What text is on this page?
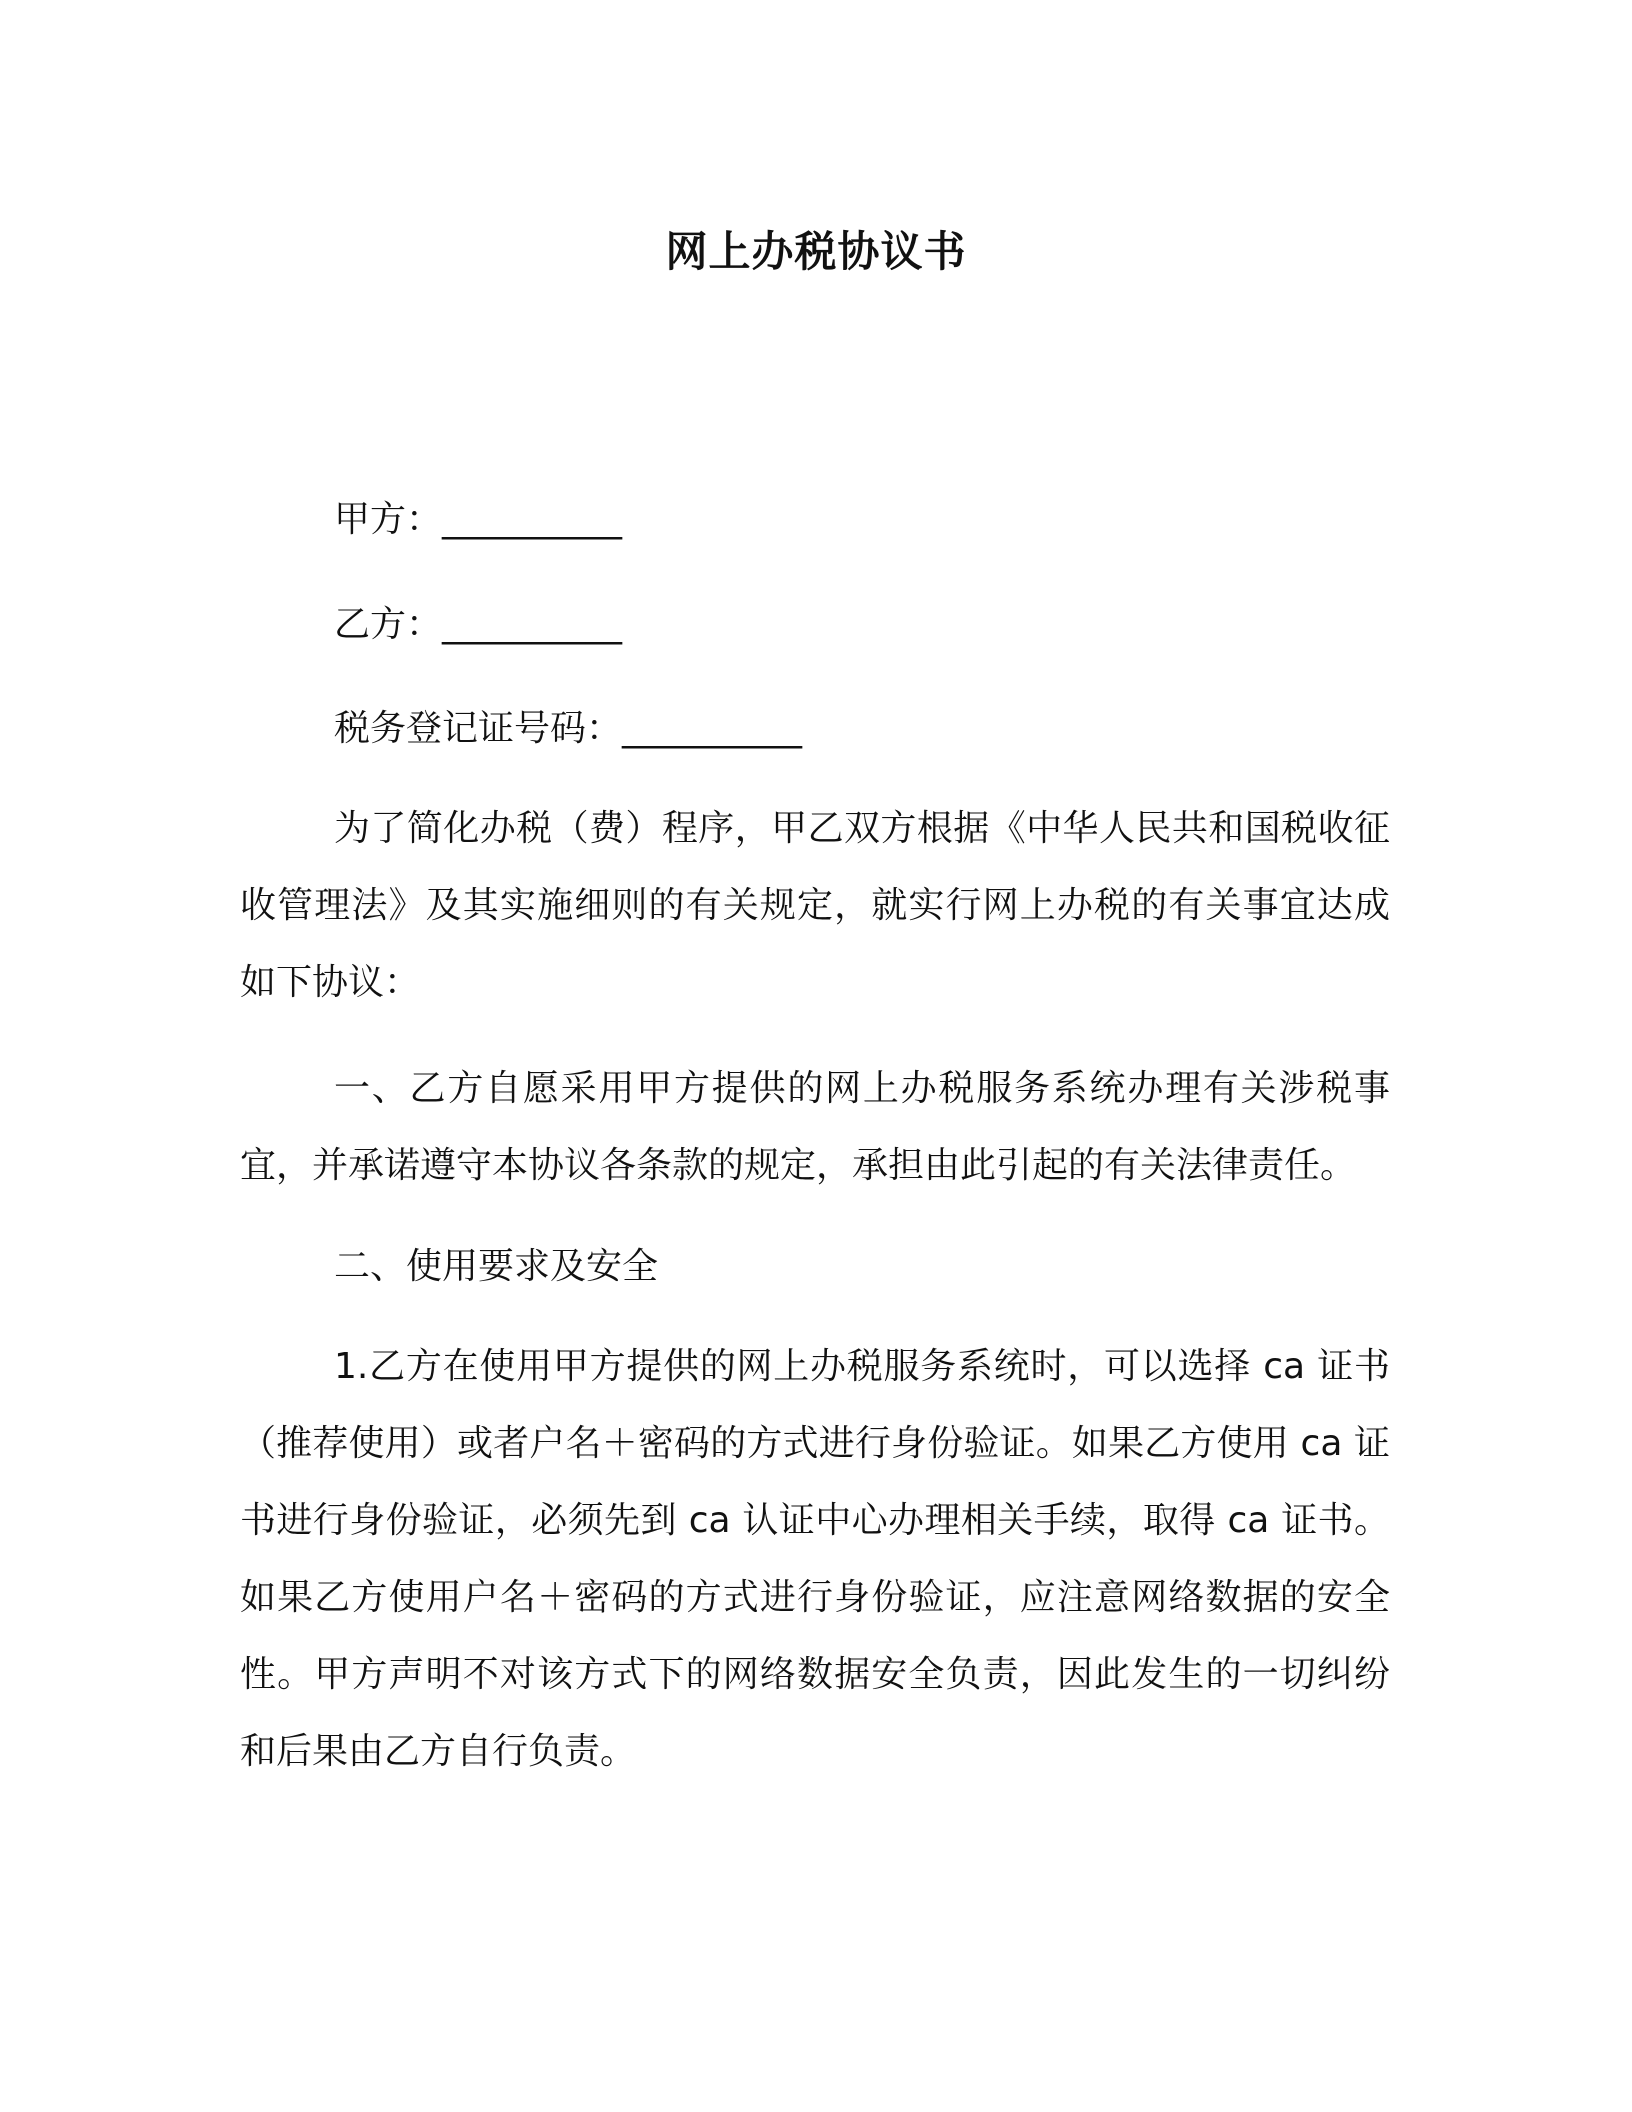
网上办税协议书
甲方：__________
乙方：__________
税务登记证号码：__________

为了简化办税（费）程序，甲乙双方根据《中华人民共和国税收征收管理法》及其实施细则的有关规定，就实行网上办税的有关事宜达成如下协议：

一、乙方自愿采用甲方提供的网上办税服务系统办理有关涉税事宜，并承诺遵守本协议各条款的规定，承担由此引起的有关法律责任。

二、使用要求及安全

1.乙方在使用甲方提供的网上办税服务系统时，可以选择 ca 证书（推荐使用）或者户名＋密码的方式进行身份验证。如果乙方使用 ca 证书进行身份验证，必须先到 ca 认证中心办理相关手续，取得 ca 证书。如果乙方使用户名＋密码的方式进行身份验证，应注意网络数据的安全性。甲方声明不对该方式下的网络数据安全负责，因此发生的一切纠纷和后果由乙方自行负责。
